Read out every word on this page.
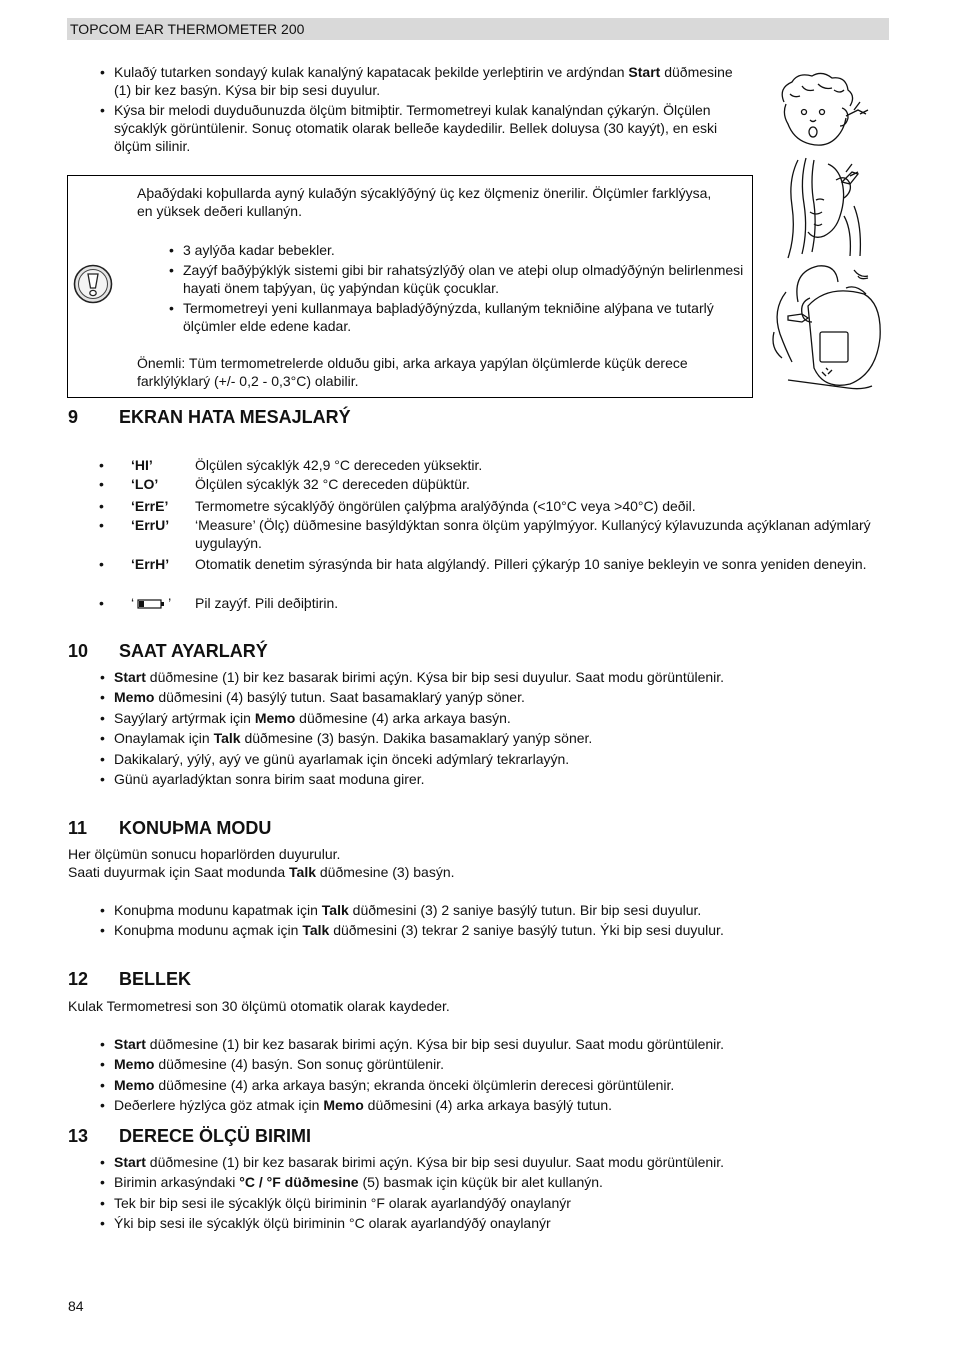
TOPCOM EAR THERMOMETER 200
• Kulaðý tutarken sondayý kulak kanalýný kapatacak þekilde yerleþtirin ve ardýndan Start düðmesine (1) bir kez basýn. Kýsa bir bip sesi duyulur.
• Kýsa bir melodi duyduðunuzda ölçüm bitmiþtir. Termometreyi kulak kanalýndan çýkarýn. Ölçülen sýcaklýk görüntülenir. Sonuç otomatik olarak belleðe kaydedilir. Bellek doluysa (30 kayýt), en eski ölçüm silinir.
Aþaðýdaki koþullarda ayný kulaðýn sýcaklýðýný üç kez ölçmeniz önerilir. Ölçümler farklýysa, en yüksek deðeri kullanýn.
• 3 aylýða kadar bebekler.
• Zayýf baðýþýklýk sistemi gibi bir rahatsýzlýðý olan ve ateþi olup olmadýðýnýn belirlenmesi hayati önem taþýyan, üç yaþýndan küçük çocuklar.
• Termometreyi yeni kullanmaya baþladýðýnýzda, kullaným tekniðine alýþana ve tutarlý ölçümler elde edene kadar.
Önemli: Tüm termometrelerde olduðu gibi, arka arkaya yapýlan ölçümlerde küçük derece farklýlýklarý (+/- 0,2 - 0,3°C) olabilir.
9 EKRAN HATA MESAJLARÝ
• ‘HI’	Ölçülen sýcaklýk 42,9 °C dereceden yüksektir.
• ‘LO’	Ölçülen sýcaklýk 32 °C dereceden düþüktür.
• ‘ErrE’ Termometre sýcaklýðý öngörülen çalýþma aralýðýnda (<10°C veya >40°C) deðil.
• ‘ErrU’ ‘Measure’ (Ölç) düðmesine basýldýktan sonra ölçüm yapýlmýyor. Kullanýcý kýlavuzunda açýklanan adýmlarý uygulayýn.
• ‘ErrH’ Otomatik denetim sýrasýnda bir hata algýlandý. Pilleri çýkarýp 10 saniye bekleyin ve sonra yeniden deneyin.
• ‘ ’ Pil zayýf. Pili deðiþtirin.
10 SAAT AYARLARÝ
• Start düðmesine (1) bir kez basarak birimi açýn. Kýsa bir bip sesi duyulur. Saat modu görüntülenir.
• Memo düðmesini (4) basýlý tutun. Saat basamaklarý yanýp söner.
• Sayýlarý artýrmak için Memo düðmesine (4) arka arkaya basýn.
• Onaylamak için Talk düðmesine (3) basýn. Dakika basamaklarý yanýp söner.
• Dakikalarý, yýlý, ayý ve günü ayarlamak için önceki adýmlarý tekrarlayýn.
• Günü ayarladýktan sonra birim saat moduna girer.
11 KONUÞMA MODU
Her ölçümün sonucu hoparlörden duyurulur.
Saati duyurmak için Saat modunda Talk düðmesine (3) basýn.
• Konuþma modunu kapatmak için Talk düðmesini (3) 2 saniye basýlý tutun. Bir bip sesi duyulur.
• Konuþma modunu açmak için Talk düðmesini (3) tekrar 2 saniye basýlý tutun. Ýki bip sesi duyulur.
12 BELLEK
Kulak Termometresi son 30 ölçümü otomatik olarak kaydeder.
• Start düðmesine (1) bir kez basarak birimi açýn. Kýsa bir bip sesi duyulur. Saat modu görüntülenir.
• Memo düðmesine (4) basýn. Son sonuç görüntülenir.
• Memo düðmesine (4) arka arkaya basýn; ekranda önceki ölçümlerin derecesi görüntülenir.
• Deðerlere hýzlýca göz atmak için Memo düðmesini (4) arka arkaya basýlý tutun.
13 DERECE ÖLÇÜ BIRIMI
• Start düðmesine (1) bir kez basarak birimi açýn. Kýsa bir bip sesi duyulur. Saat modu görüntülenir.
• Birimin arkasýndaki °C / °F düðmesine (5) basmak için küçük bir alet kullanýn.
• Tek bir bip sesi ile sýcaklýk ölçü biriminin °F olarak ayarlandýðý onaylanýr
• Ýki bip sesi ile sýcaklýk ölçü biriminin °C olarak ayarlandýðý onaylanýr
84
